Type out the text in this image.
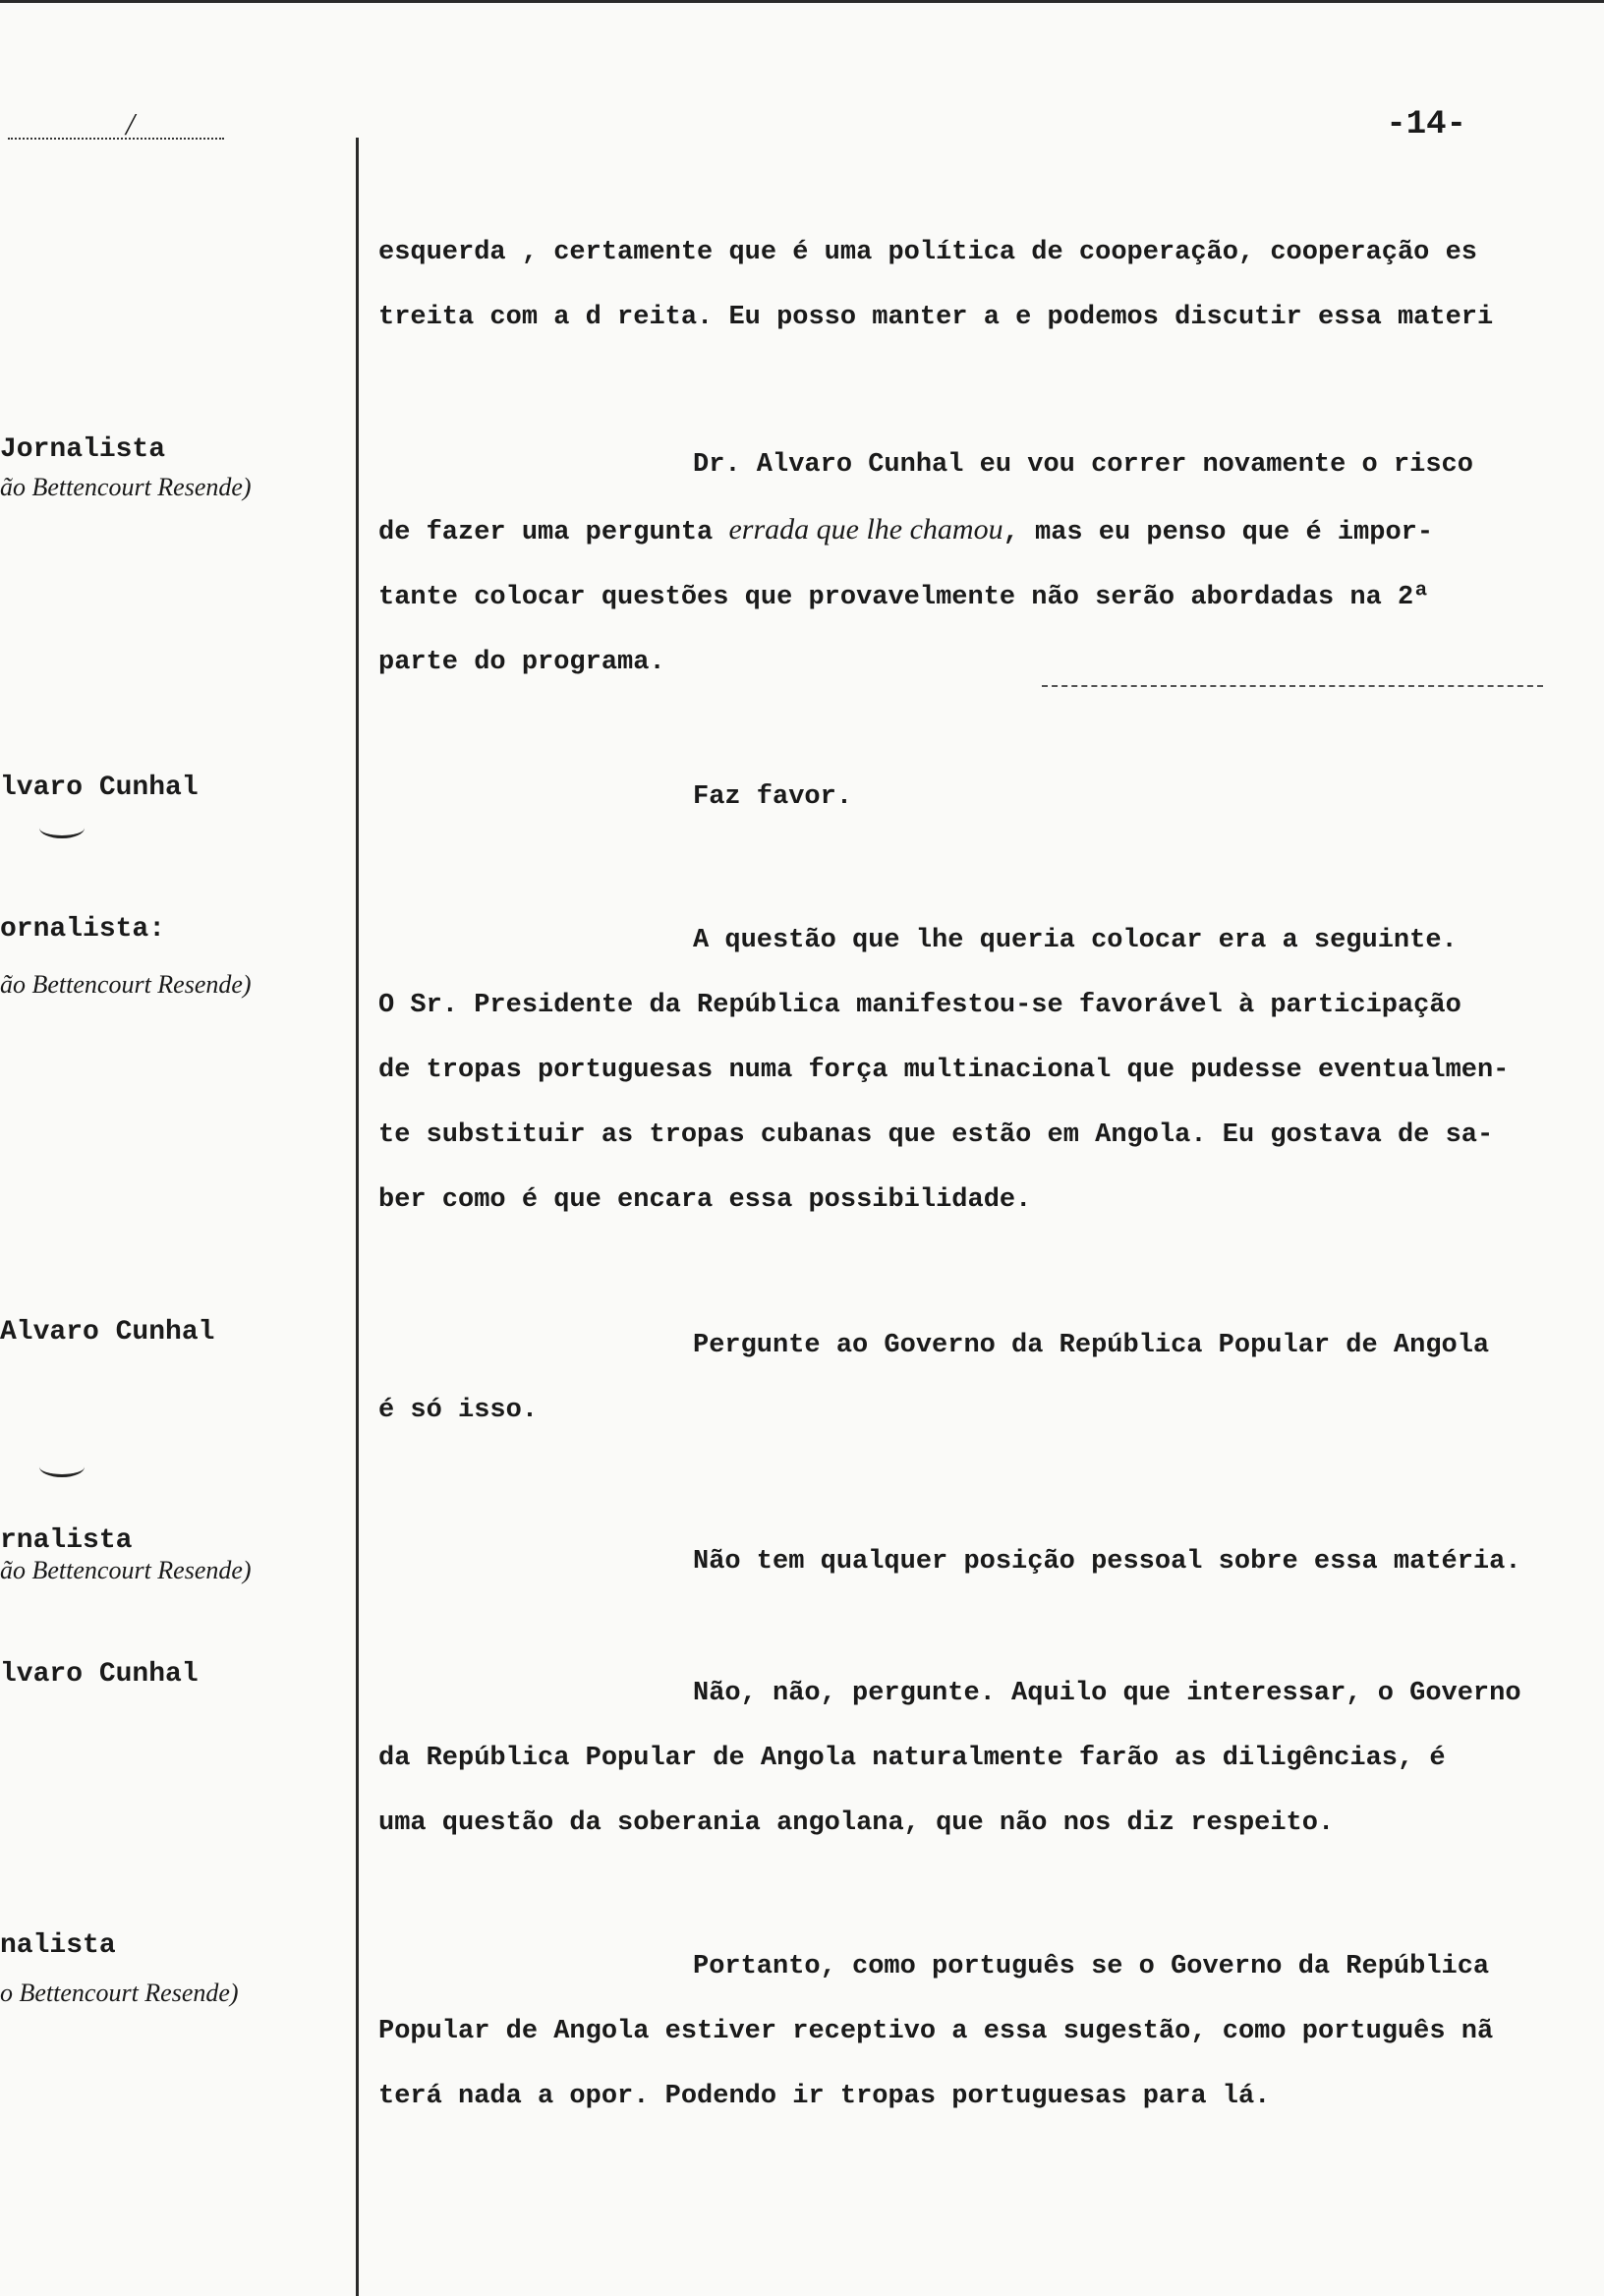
/	-14-
esquerda , certamente que é uma política de cooperação, cooperação es
treita com a d reita. Eu posso manter a e podemos discutir essa materi
Jornalista
ão Bettencourt Resende)
Dr. Alvaro Cunhal eu vou correr novamente o risco
de fazer uma pergunta errada que lhe chamou, mas eu penso que é impor-
tante colocar questões que provavelmente não serão abordadas na 2ª
parte do programa.
lvaro Cunhal	Faz favor.
ornalista:
ão Bettencourt Resende)
A questão que lhe queria colocar era a seguinte.
O Sr. Presidente da República manifestou-se favorável à participação
de tropas portuguesas numa força multinacional que pudesse eventualmen-
te substituir as tropas cubanas que estão em Angola. Eu gostava de sa-
ber como é que encara essa possibilidade.
Alvaro Cunhal	Pergunte ao Governo da República Popular de Angola
é só isso.
rnalista
ão Bettencourt Resende)	Não tem qualquer posição pessoal sobre essa matéria.
lvaro Cunhal
Não, não, pergunte. Aquilo que interessar, o Governo
da República Popular de Angola naturalmente farão as diligências, é
uma questão da soberania angolana, que não nos diz respeito.
nalista
o Bettencourt Resende)
Portanto, como português se o Governo da República
Popular de Angola estiver receptivo a essa sugestão, como português nã
terá nada a opor. Podendo ir tropas portuguesas para lá.
